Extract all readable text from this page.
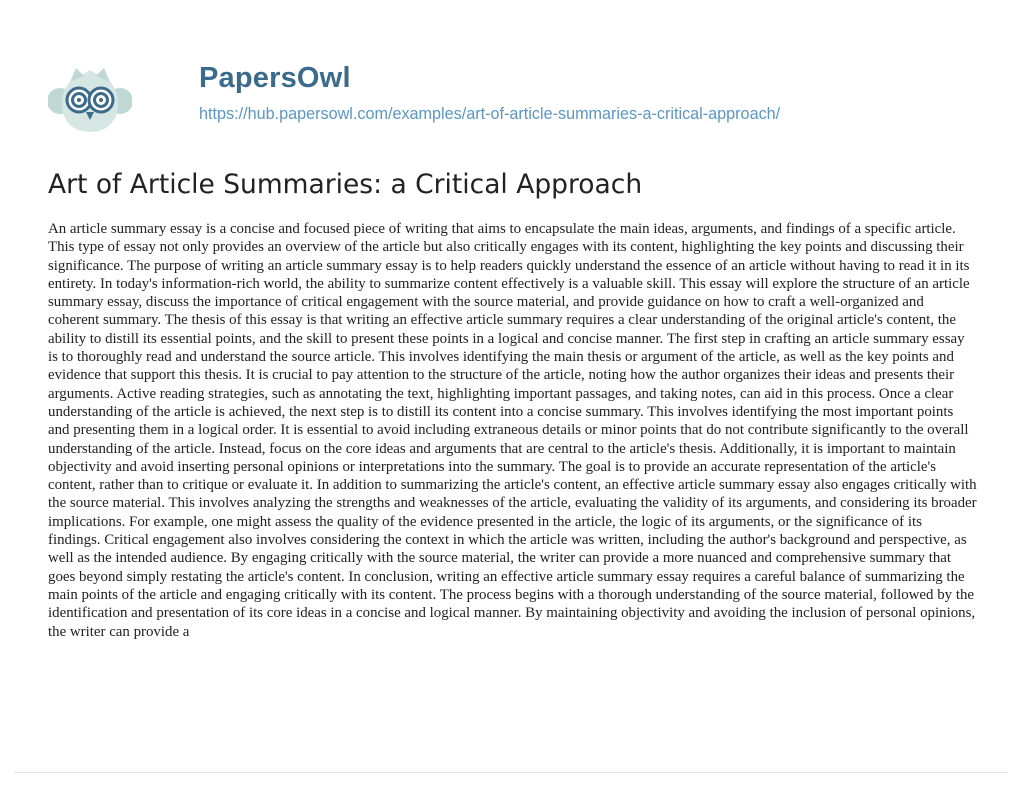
PapersOwl
https://hub.papersowl.com/examples/art-of-article-summaries-a-critical-approach/
Art of Article Summaries: a Critical Approach

An article summary essay is a concise and focused piece of writing that aims to encapsulate the main ideas, arguments, and findings of a specific article. This type of essay not only provides an overview of the article but also critically engages with its content, highlighting the key points and discussing their significance. The purpose of writing an article summary essay is to help readers quickly understand the essence of an article without having to read it in its entirety. In today's information-rich world, the ability to summarize content effectively is a valuable skill. This essay will explore the structure of an article summary essay, discuss the importance of critical engagement with the source material, and provide guidance on how to craft a well-organized and coherent summary. The thesis of this essay is that writing an effective article summary requires a clear understanding of the original article's content, the ability to distill its essential points, and the skill to present these points in a logical and concise manner. The first step in crafting an article summary essay is to thoroughly read and understand the source article. This involves identifying the main thesis or argument of the article, as well as the key points and evidence that support this thesis. It is crucial to pay attention to the structure of the article, noting how the author organizes their ideas and presents their arguments. Active reading strategies, such as annotating the text, highlighting important passages, and taking notes, can aid in this process. Once a clear understanding of the article is achieved, the next step is to distill its content into a concise summary. This involves identifying the most important points and presenting them in a logical order. It is essential to avoid including extraneous details or minor points that do not contribute significantly to the overall understanding of the article. Instead, focus on the core ideas and arguments that are central to the article's thesis. Additionally, it is important to maintain objectivity and avoid inserting personal opinions or interpretations into the summary. The goal is to provide an accurate representation of the article's content, rather than to critique or evaluate it. In addition to summarizing the article's content, an effective article summary essay also engages critically with the source material. This involves analyzing the strengths and weaknesses of the article, evaluating the validity of its arguments, and considering its broader implications. For example, one might assess the quality of the evidence presented in the article, the logic of its arguments, or the significance of its findings. Critical engagement also involves considering the context in which the article was written, including the author's background and perspective, as well as the intended audience. By engaging critically with the source material, the writer can provide a more nuanced and comprehensive summary that goes beyond simply restating the article's content. In conclusion, writing an effective article summary essay requires a careful balance of summarizing the main points of the article and engaging critically with its content. The process begins with a thorough understanding of the source material, followed by the identification and presentation of its core ideas in a concise and logical manner. By maintaining objectivity and avoiding the inclusion of personal opinions, the writer can provide a
